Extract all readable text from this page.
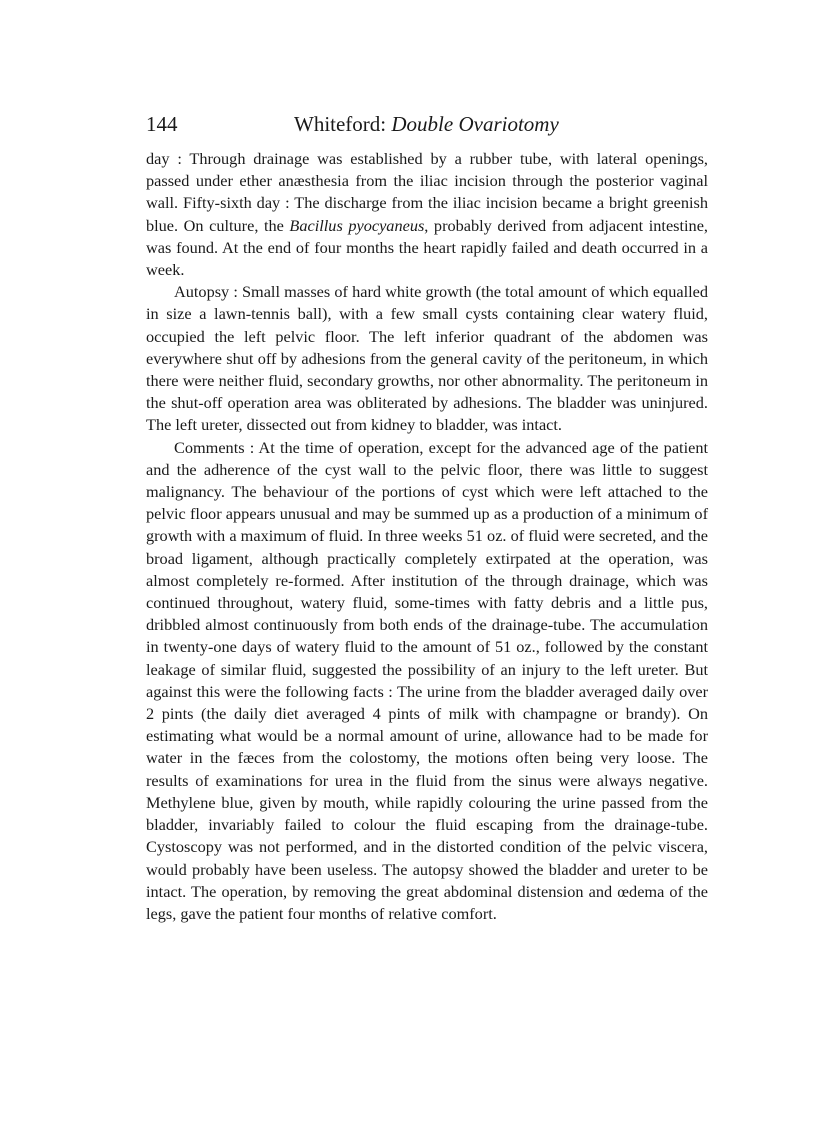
144	Whiteford: Double Ovariotomy

day : Through drainage was established by a rubber tube, with lateral openings, passed under ether anæsthesia from the iliac incision through the posterior vaginal wall. Fifty-sixth day : The discharge from the iliac incision became a bright greenish blue. On culture, the Bacillus pyocyaneus, probably derived from adjacent intestine, was found. At the end of four months the heart rapidly failed and death occurred in a week.

Autopsy : Small masses of hard white growth (the total amount of which equalled in size a lawn-tennis ball), with a few small cysts containing clear watery fluid, occupied the left pelvic floor. The left inferior quadrant of the abdomen was everywhere shut off by adhesions from the general cavity of the peritoneum, in which there were neither fluid, secondary growths, nor other abnormality. The peritoneum in the shut-off operation area was obliterated by adhesions. The bladder was uninjured. The left ureter, dissected out from kidney to bladder, was intact.

Comments : At the time of operation, except for the advanced age of the patient and the adherence of the cyst wall to the pelvic floor, there was little to suggest malignancy. The behaviour of the portions of cyst which were left attached to the pelvic floor appears unusual and may be summed up as a production of a minimum of growth with a maximum of fluid. In three weeks 51 oz. of fluid were secreted, and the broad ligament, although practically completely extirpated at the operation, was almost completely re-formed. After institution of the through drainage, which was continued throughout, watery fluid, some-times with fatty debris and a little pus, dribbled almost continuously from both ends of the drainage-tube. The accumulation in twenty-one days of watery fluid to the amount of 51 oz., followed by the constant leakage of similar fluid, suggested the possibility of an injury to the left ureter. But against this were the following facts : The urine from the bladder averaged daily over 2 pints (the daily diet averaged 4 pints of milk with champagne or brandy). On estimating what would be a normal amount of urine, allowance had to be made for water in the fæces from the colostomy, the motions often being very loose. The results of examinations for urea in the fluid from the sinus were always negative. Methylene blue, given by mouth, while rapidly colouring the urine passed from the bladder, invariably failed to colour the fluid escaping from the drainage-tube. Cystoscopy was not performed, and in the distorted condition of the pelvic viscera, would probably have been useless. The autopsy showed the bladder and ureter to be intact. The operation, by removing the great abdominal distension and œdema of the legs, gave the patient four months of relative comfort.
